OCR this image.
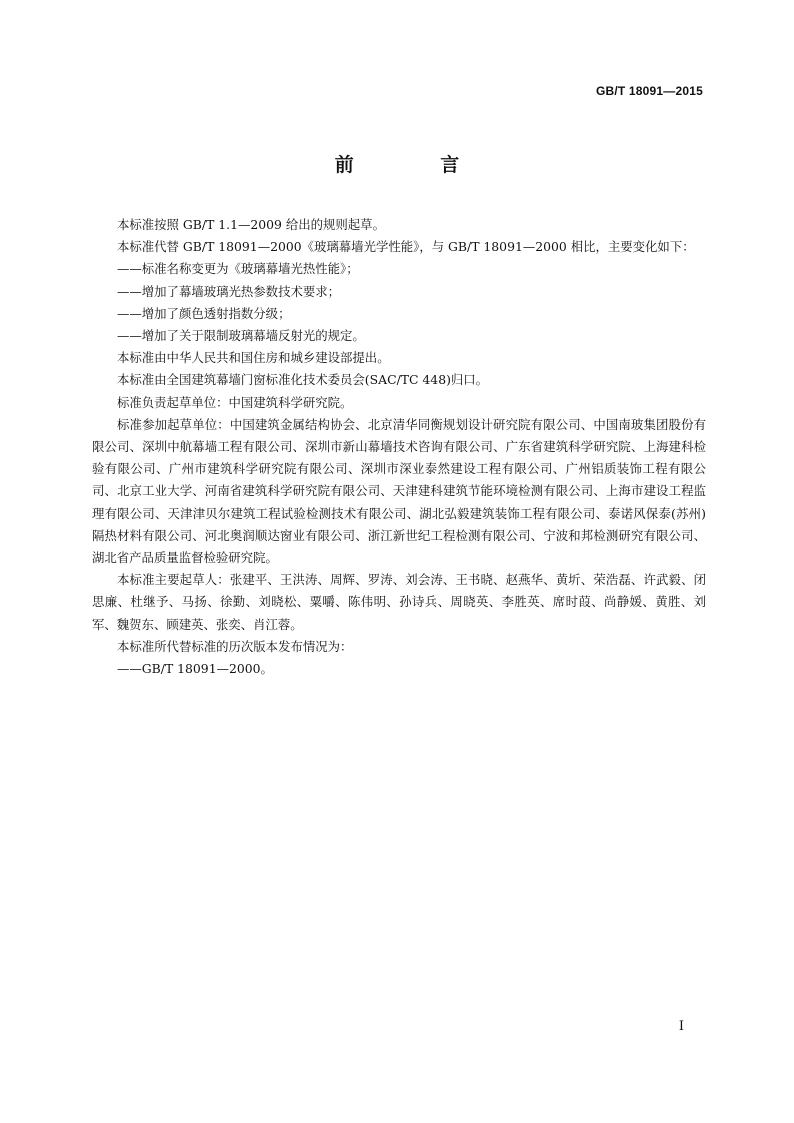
GB/T 18091—2015
前 言

本标准按照 GB/T 1.1—2009 给出的规则起草。

本标准代替 GB/T 18091—2000《玻璃幕墙光学性能》，与 GB/T 18091—2000 相比，主要变化如下：

——标准名称变更为《玻璃幕墙光热性能》；

——增加了幕墙玻璃光热参数技术要求；

——增加了颜色透射指数分级；

——增加了关于限制玻璃幕墙反射光的规定。

本标准由中华人民共和国住房和城乡建设部提出。

本标准由全国建筑幕墙门窗标准化技术委员会(SAC/TC 448)归口。

标准负责起草单位：中国建筑科学研究院。

标准参加起草单位：中国建筑金属结构协会、北京清华同衡规划设计研究院有限公司、中国南玻集团股份有限公司、深圳中航幕墙工程有限公司、深圳市新山幕墙技术咨询有限公司、广东省建筑科学研究院、上海建科检验有限公司、广州市建筑科学研究院有限公司、深圳市深业泰然建设工程有限公司、广州铝质装饰工程有限公司、北京工业大学、河南省建筑科学研究院有限公司、天津建科建筑节能环境检测有限公司、上海市建设工程监理有限公司、天津津贝尔建筑工程试验检测技术有限公司、湖北弘毅建筑装饰工程有限公司、泰诺风保泰(苏州)隔热材料有限公司、河北奥润顺达窗业有限公司、浙江新世纪工程检测有限公司、宁波和邦检测研究有限公司、湖北省产品质量监督检验研究院。

本标准主要起草人：张建平、王洪涛、周辉、罗涛、刘会涛、王书晓、赵燕华、黄圻、荣浩磊、许武毅、闭思廉、杜继予、马扬、徐勤、刘晓松、粟嚼、陈伟明、孙诗兵、周晓英、李胜英、席时葭、尚静媛、黄胜、刘军、魏贺东、顾建英、张奕、肖江蓉。

本标准所代替标准的历次版本发布情况为：

——GB/T 18091—2000。

I
